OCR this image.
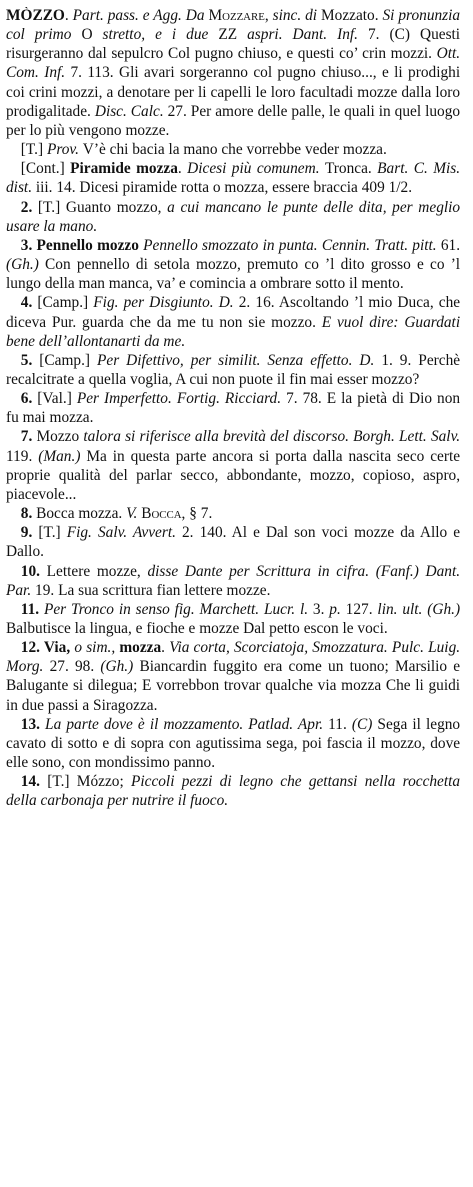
MÒZZO. Part. pass. e Agg. Da Mozzare, sinc. di Mozzato. Si pronunzia col primo O stretto, e i due ZZ aspri. Dant. Inf. 7. (C) Questi risurgeranno dal sepulcro Col pugno chiuso, e questi co’ crin mozzi. Ott. Com. Inf. 7. 113. Gli avari sorgeranno col pugno chiuso..., e li prodighi coi crini mozzi, a denotare per li capelli le loro facultadi mozze dalla loro prodigalitade. Disc. Calc. 27. Per amore delle palle, le quali in quel luogo per lo più vengono mozze.

[T.] Prov. V’è chi bacia la mano che vorrebbe veder mozza.

[Cont.] Piramide mozza. Dicesi più comunem. Tronca. Bart. C. Mis. dist. iii. 14. Dicesi piramide rotta o mozza, essere braccia 409 1/2.

2. [T.] Guanto mozzo, a cui mancano le punte delle dita, per meglio usare la mano.

3. Pennello mozzo Pennello smozzato in punta. Cennin. Tratt. pitt. 61. (Gh.) Con pennello di setola mozzo, premuto co ’l dito grosso e co ’l lungo della man manca, va’ e comincia a ombrare sotto il mento.

4. [Camp.] Fig. per Disgiunto. D. 2. 16. Ascoltando ’l mio Duca, che diceva Pur. guarda che da me tu non sie mozzo. E vuol dire: Guardati bene dell’allontanarti da me.

5. [Camp.] Per Difettivo, per similit. Senza effetto. D. 1. 9. Perchè recalcitrate a quella voglia, A cui non puote il fin mai esser mozzo?

6. [Val.] Per Imperfetto. Fortig. Ricciard. 7. 78. E la pietà di Dio non fu mai mozza.

7. Mozzo talora si riferisce alla brevità del discorso. Borgh. Lett. Salv. 119. (Man.) Ma in questa parte ancora si porta dalla nascita seco certe proprie qualità del parlar secco, abbondante, mozzo, copioso, aspro, piacevole...

8. Bocca mozza. V. Bocca, § 7.

9. [T.] Fig. Salv. Avvert. 2. 140. Al e Dal son voci mozze da Allo e Dallo.

10. Lettere mozze, disse Dante per Scrittura in cifra. (Fanf.) Dant. Par. 19. La sua scrittura fian lettere mozze.

11. Per Tronco in senso fig. Marchett. Lucr. l. 3. p. 127. lin. ult. (Gh.) Balbutisce la lingua, e fioche e mozze Dal petto escon le voci.

12. Via, o sim., mozza. Via corta, Scorciatoja, Smozzatura. Pulc. Luig. Morg. 27. 98. (Gh.) Biancardin fuggito era come un tuono; Marsilio e Balugante si dilegua; E vorrebbon trovar qualche via mozza Che li guidi in due passi a Siragozza.

13. La parte dove è il mozzamento. Patlad. Apr. 11. (C) Sega il legno cavato di sotto e di sopra con agutissima sega, poi fascia il mozzo, dove elle sono, con mondissimo panno.

14. [T.] Mózzo; Piccoli pezzi di legno che gettansi nella rocchetta della carbonaja per nutrire il fuoco.
